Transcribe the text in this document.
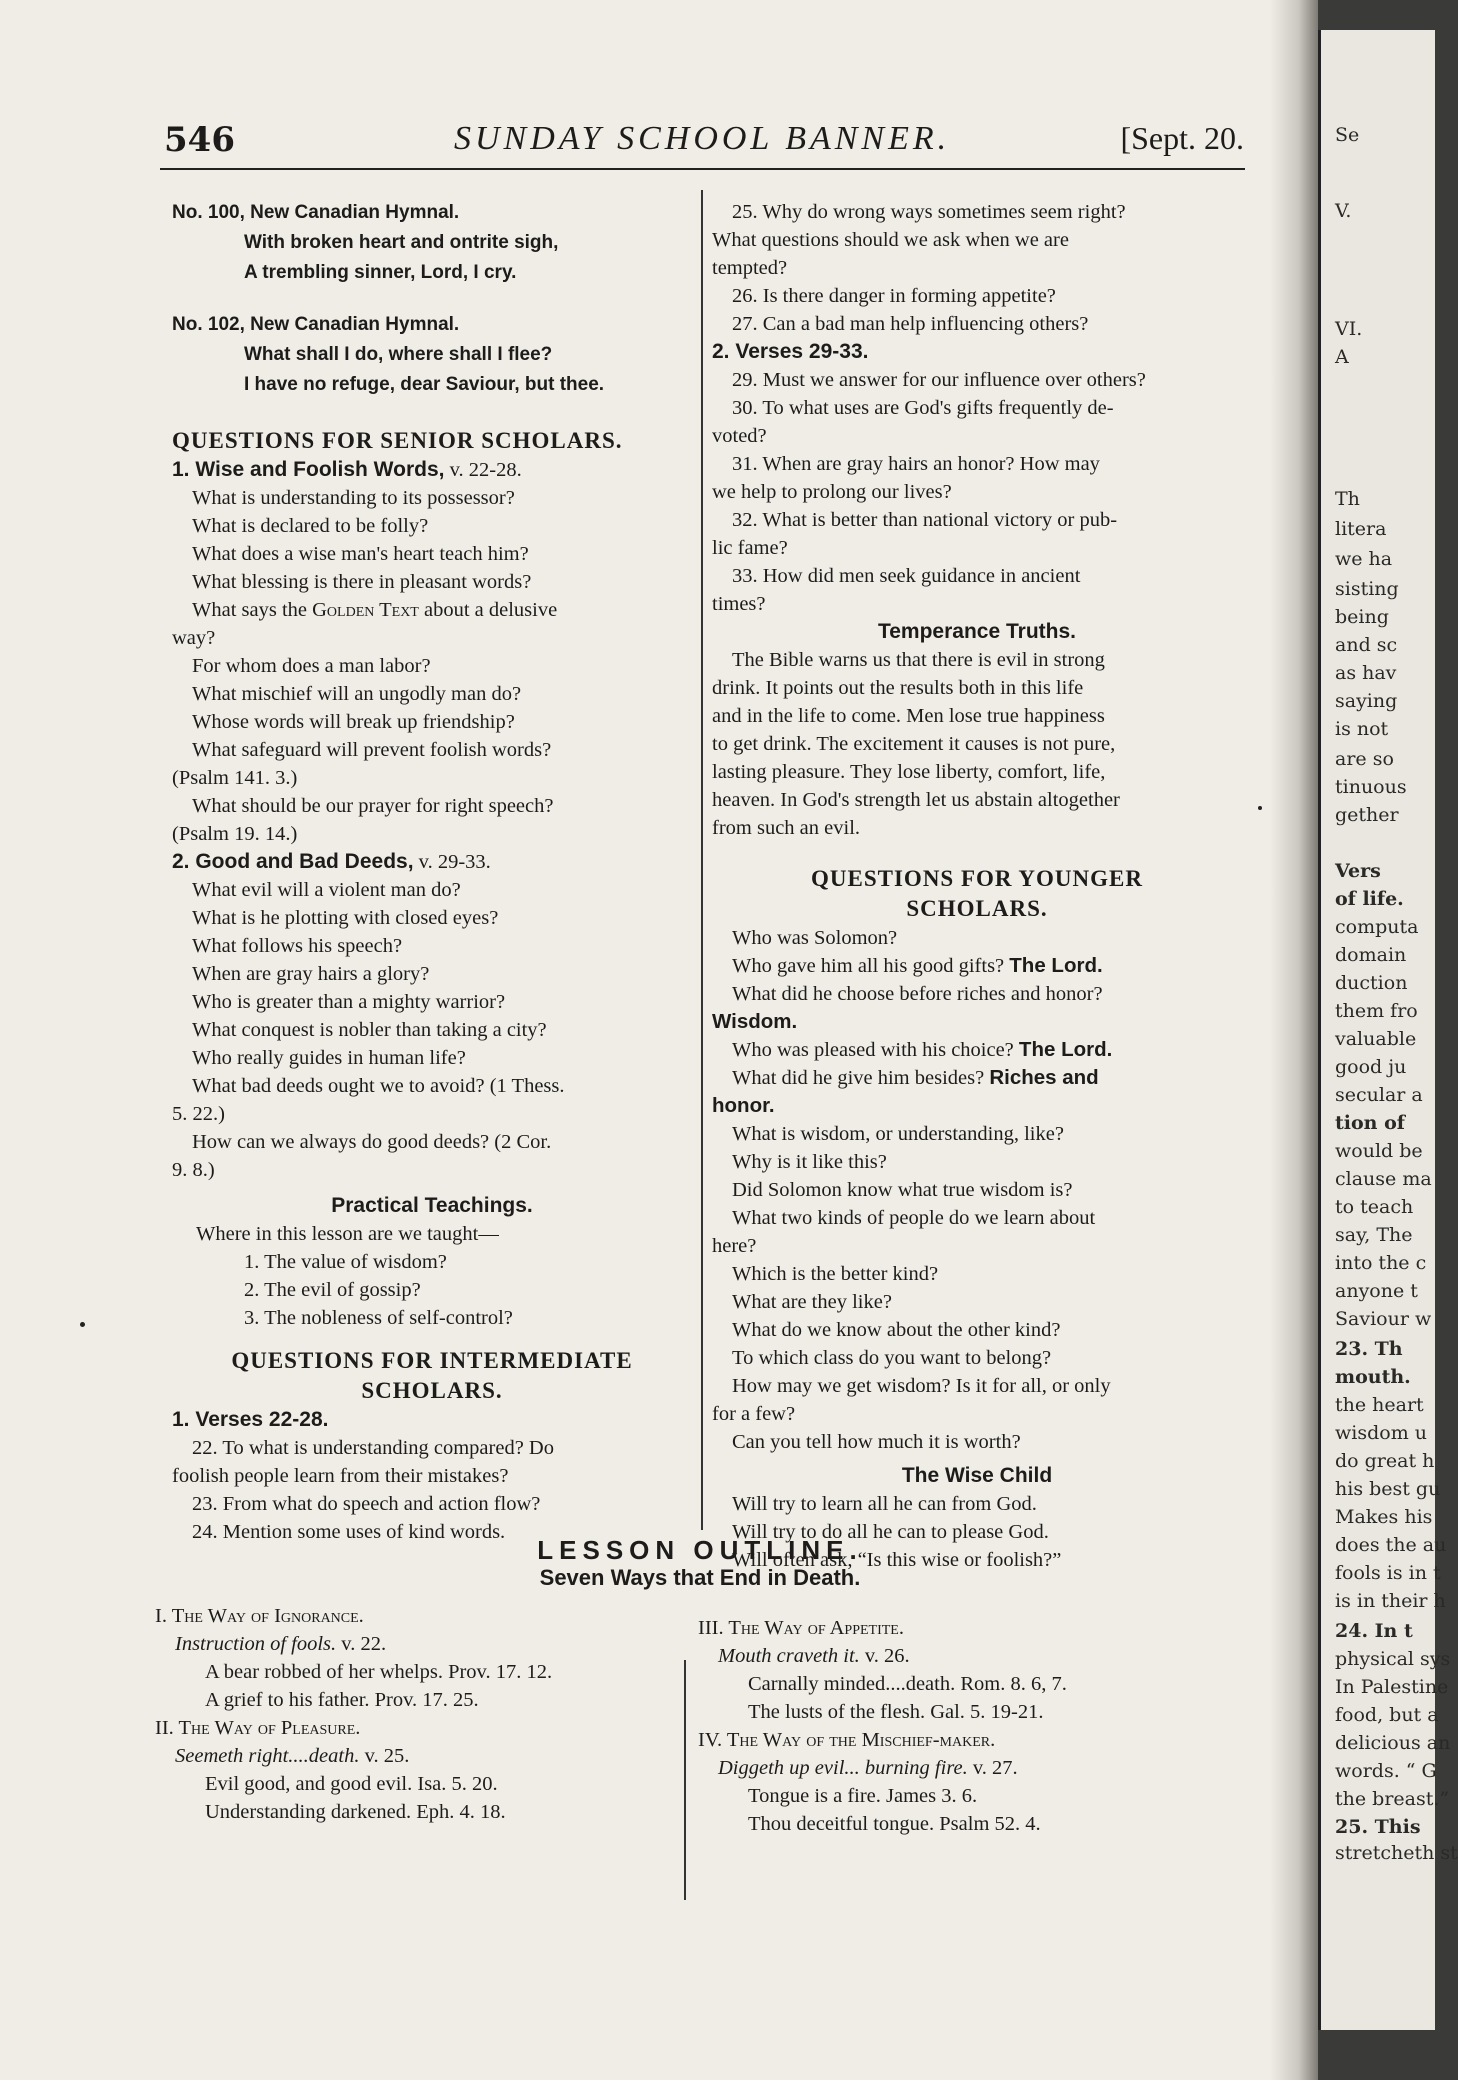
546	SUNDAY SCHOOL BANNER.	[Sept. 20.

No. 100, New Canadian Hymnal.

With broken heart and ontrite sigh,

A trembling sinner, Lord, I cry.

No. 102, New Canadian Hymnal.

What shall I do, where shall I flee?

I have no refuge, dear Saviour, but thee.

QUESTIONS FOR SENIOR SCHOLARS.

1. Wise and Foolish Words, v. 22-28.

What is understanding to its possessor?

What is declared to be folly?

What does a wise man's heart teach him?

What blessing is there in pleasant words?

What says the Golden Text about a delusive

way?

For whom does a man labor?

What mischief will an ungodly man do?

Whose words will break up friendship?

What safeguard will prevent foolish words?

(Psalm 141. 3.)

What should be our prayer for right speech?

(Psalm 19. 14.)

2. Good and Bad Deeds, v. 29-33.

What evil will a violent man do?

What is he plotting with closed eyes?

What follows his speech?

When are gray hairs a glory?

Who is greater than a mighty warrior?

What conquest is nobler than taking a city?

Who really guides in human life?

What bad deeds ought we to avoid? (1 Thess.

5. 22.)

How can we always do good deeds? (2 Cor.

9. 8.)

Practical Teachings.

Where in this lesson are we taught—

1. The value of wisdom?

2. The evil of gossip?

3. The nobleness of self-control?

QUESTIONS FOR INTERMEDIATE

SCHOLARS.

1. Verses 22-28.

22. To what is understanding compared? Do

foolish people learn from their mistakes?

23. From what do speech and action flow?

24. Mention some uses of kind words.

25. Why do wrong ways sometimes seem right?

What questions should we ask when we are

tempted?

26. Is there danger in forming appetite?

27. Can a bad man help influencing others?

2. Verses 29-33.

29. Must we answer for our influence over others?

30. To what uses are God's gifts frequently de-

voted?

31. When are gray hairs an honor? How may

we help to prolong our lives?

32. What is better than national victory or pub-

lic fame?

33. How did men seek guidance in ancient

times?

Temperance Truths.

The Bible warns us that there is evil in strong

drink. It points out the results both in this life

and in the life to come. Men lose true happiness

to get drink. The excitement it causes is not pure,

lasting pleasure. They lose liberty, comfort, life,

heaven. In God's strength let us abstain altogether

from such an evil.

QUESTIONS FOR YOUNGER

SCHOLARS.

Who was Solomon?

Who gave him all his good gifts? The Lord.

What did he choose before riches and honor?

Wisdom.

Who was pleased with his choice? The Lord.

What did he give him besides? Riches and

honor.

What is wisdom, or understanding, like?

Why is it like this?

Did Solomon know what true wisdom is?

What two kinds of people do we learn about

here?

Which is the better kind?

What are they like?

What do we know about the other kind?

To which class do you want to belong?

How may we get wisdom? Is it for all, or only

for a few?

Can you tell how much it is worth?

The Wise Child

Will try to learn all he can from God.

Will try to do all he can to please God.

Will often ask, “Is this wise or foolish?”

LESSON OUTLINE.

Seven Ways that End in Death.

I. The Way of Ignorance.

Instruction of fools. v. 22.

A bear robbed of her whelps. Prov. 17. 12.

A grief to his father. Prov. 17. 25.

II. The Way of Pleasure.

Seemeth right....death. v. 25.

Evil good, and good evil. Isa. 5. 20.

Understanding darkened. Eph. 4. 18.

III. The Way of Appetite.

Mouth craveth it. v. 26.

Carnally minded....death. Rom. 8. 6, 7.

The lusts of the flesh. Gal. 5. 19-21.

IV. The Way of the Mischief-maker.

Diggeth up evil... burning fire. v. 27.

Tongue is a fire. James 3. 6.

Thou deceitful tongue. Psalm 52. 4.

Se
V.
VI.
A
Th
litera
we ha
sisting
being
and sc
as hav
saying
is not
are so
tinuous
gether
Vers
of life.
computa
domain
duction
them fro
valuable
good ju
secular a
tion of
would be
clause ma
to teach
say, The
into the c
anyone t
Saviour w
23. Th
mouth.
the heart
wisdom u
do great h
his best gu
Makes his
does the au
fools is in t
is in their h
24. In t
physical sys
In Palestine
food, but a
delicious an
words. “ G
the breast.”
25. This
stretcheth st
